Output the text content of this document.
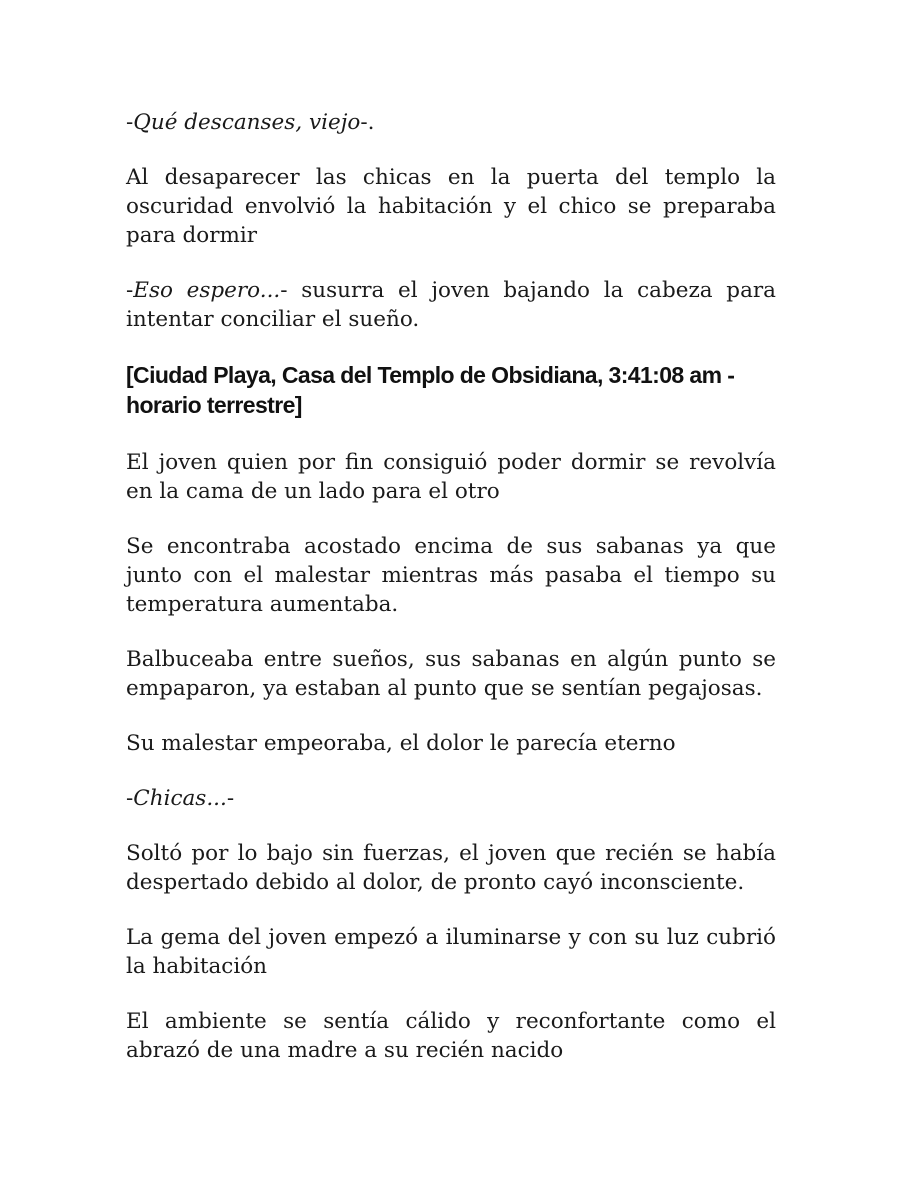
-Qué descanses, viejo-.

Al desaparecer las chicas en la puerta del templo la oscuridad envolvió la habitación y el chico se preparaba para dormir

-Eso espero...- susurra el joven bajando la cabeza para intentar conciliar el sueño.

[Ciudad Playa, Casa del Templo de Obsidiana, 3:41:08 am - horario terrestre]

El joven quien por fin consiguió poder dormir se revolvía en la cama de un lado para el otro

Se encontraba acostado encima de sus sabanas ya que junto con el malestar mientras más pasaba el tiempo su temperatura aumentaba.

Balbuceaba entre sueños, sus sabanas en algún punto se empaparon, ya estaban al punto que se sentían pegajosas.

Su malestar empeoraba, el dolor le parecía eterno

-Chicas...-

Soltó por lo bajo sin fuerzas, el joven que recién se había despertado debido al dolor, de pronto cayó inconsciente.

La gema del joven empezó a iluminarse y con su luz cubrió la habitación

El ambiente se sentía cálido y reconfortante como el abrazó de una madre a su recién nacido
